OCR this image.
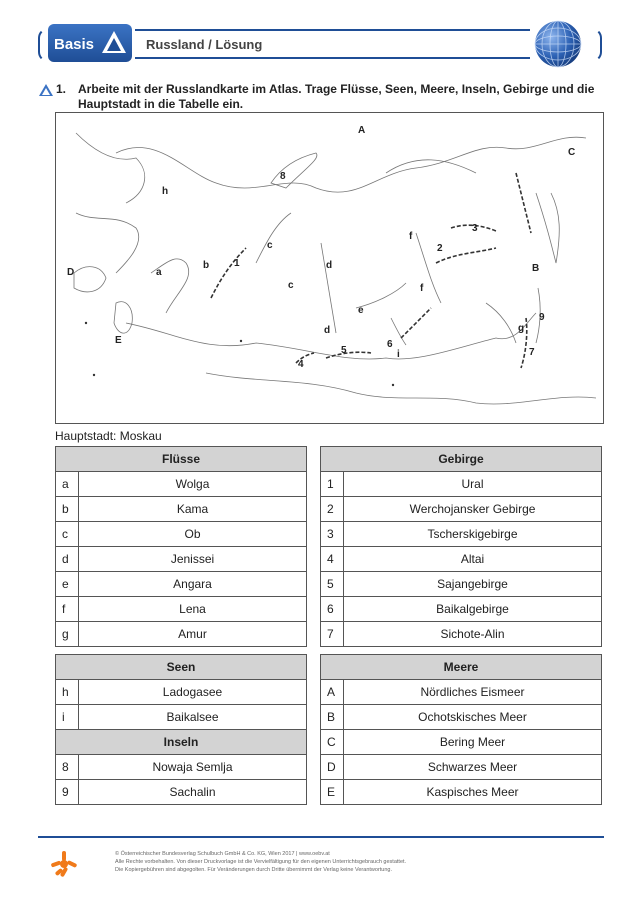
Basis	Russland / Lösung
1. Arbeite mit der Russlandkarte im Atlas. Trage Flüsse, Seen, Meere, Inseln, Gebirge und die Hauptstadt in die Tabelle ein.
A
C
8
h
3
f
2
c
d	B
D	a
b 1
c	f
e
g
9
d
6
i	7
E
5
4
Hauptstadt: Moskau
Flüsse	
a	Wolga
b	Kama
c	Ob
d	Jenissei
e	Angara
f	Lena
g	Amur
Gebirge	
1	Ural
2	Werchojansker Gebirge
3	Tscherskigebirge
4	Altai
5	Sajangebirge
6	Baikalgebirge
7	Sichote-Alin
Seen	
h	Ladogasee
i	Baikalsee
Inseln	
8	Nowaja Semlja
9	Sachalin
Meere	
A	Nördliches Eismeer
B	Ochotskisches Meer
C	Bering Meer
D	Schwarzes Meer
E	Kaspisches Meer
© Österreichischer Bundesverlag Schulbuch GmbH & Co. KG, Wien 2017 | www.oebv.at
Alle Rechte vorbehalten. Von dieser Druckvorlage ist die Vervielfältigung für den eigenen Unterrichtsgebrauch gestattet.
Die Kopiergebühren sind abgegolten. Für Veränderungen durch Dritte übernimmt der Verlag keine Verantwortung.
